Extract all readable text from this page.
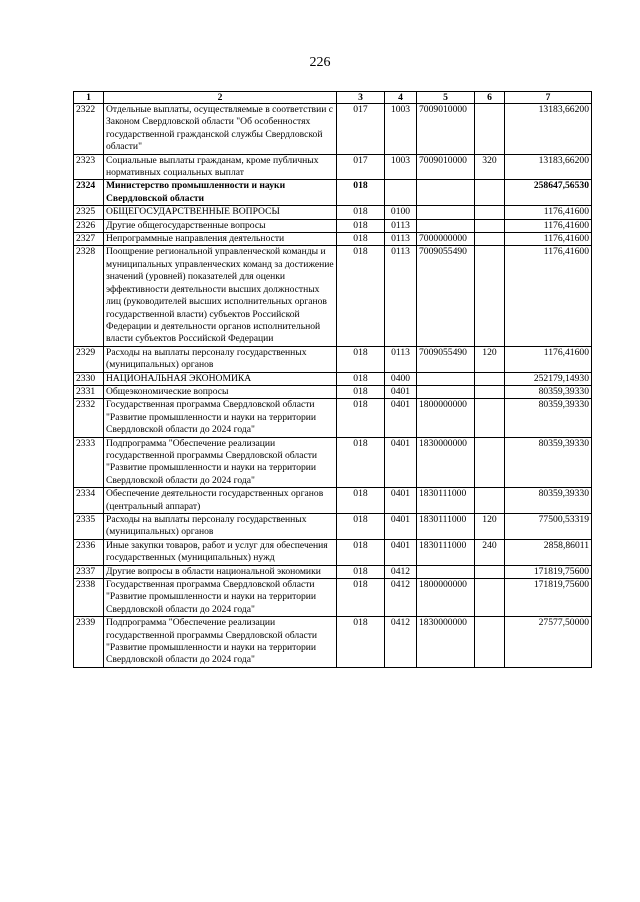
226
1	2	3	4	5	6	7
2322	Отдельные выплаты, осуществляемые в соответствии с Законом Свердловской области "Об особенностях государственной гражданской службы Свердловской области"	017	1003	7009010000		13183,66200
2323	Социальные выплаты гражданам, кроме публичных нормативных социальных выплат	017	1003	7009010000	320	13183,66200
2324	Министерство промышленности и науки Свердловской области	018				258647,56530
2325	ОБЩЕГОСУДАРСТВЕННЫЕ ВОПРОСЫ	018	0100			1176,41600
2326	Другие общегосударственные вопросы	018	0113			1176,41600
2327	Непрограммные направления деятельности	018	0113	7000000000		1176,41600
2328	Поощрение региональной управленческой команды и муниципальных управленческих команд за достижение значений (уровней) показателей для оценки эффективности деятельности высших должностных лиц (руководителей высших исполнительных органов государственной власти) субъектов Российской Федерации и деятельности органов исполнительной власти субъектов Российской Федерации	018	0113	7009055490		1176,41600
2329	Расходы на выплаты персоналу государственных (муниципальных) органов	018	0113	7009055490	120	1176,41600
2330	НАЦИОНАЛЬНАЯ ЭКОНОМИКА	018	0400			252179,14930
2331	Общеэкономические вопросы	018	0401			80359,39330
2332	Государственная программа Свердловской области "Развитие промышленности и науки на территории Свердловской области до 2024 года"	018	0401	1800000000		80359,39330
2333	Подпрограмма "Обеспечение реализации государственной программы Свердловской области "Развитие промышленности и науки на территории Свердловской области до 2024 года"	018	0401	1830000000		80359,39330
2334	Обеспечение деятельности государственных органов (центральный аппарат)	018	0401	1830111000		80359,39330
2335	Расходы на выплаты персоналу государственных (муниципальных) органов	018	0401	1830111000	120	77500,53319
2336	Иные закупки товаров, работ и услуг для обеспечения государственных (муниципальных) нужд	018	0401	1830111000	240	2858,86011
2337	Другие вопросы в области национальной экономики	018	0412			171819,75600
2338	Государственная программа Свердловской области "Развитие промышленности и науки на территории Свердловской области до 2024 года"	018	0412	1800000000		171819,75600
2339	Подпрограмма "Обеспечение реализации государственной программы Свердловской области "Развитие промышленности и науки на территории Свердловской области до 2024 года"	018	0412	1830000000		27577,50000
